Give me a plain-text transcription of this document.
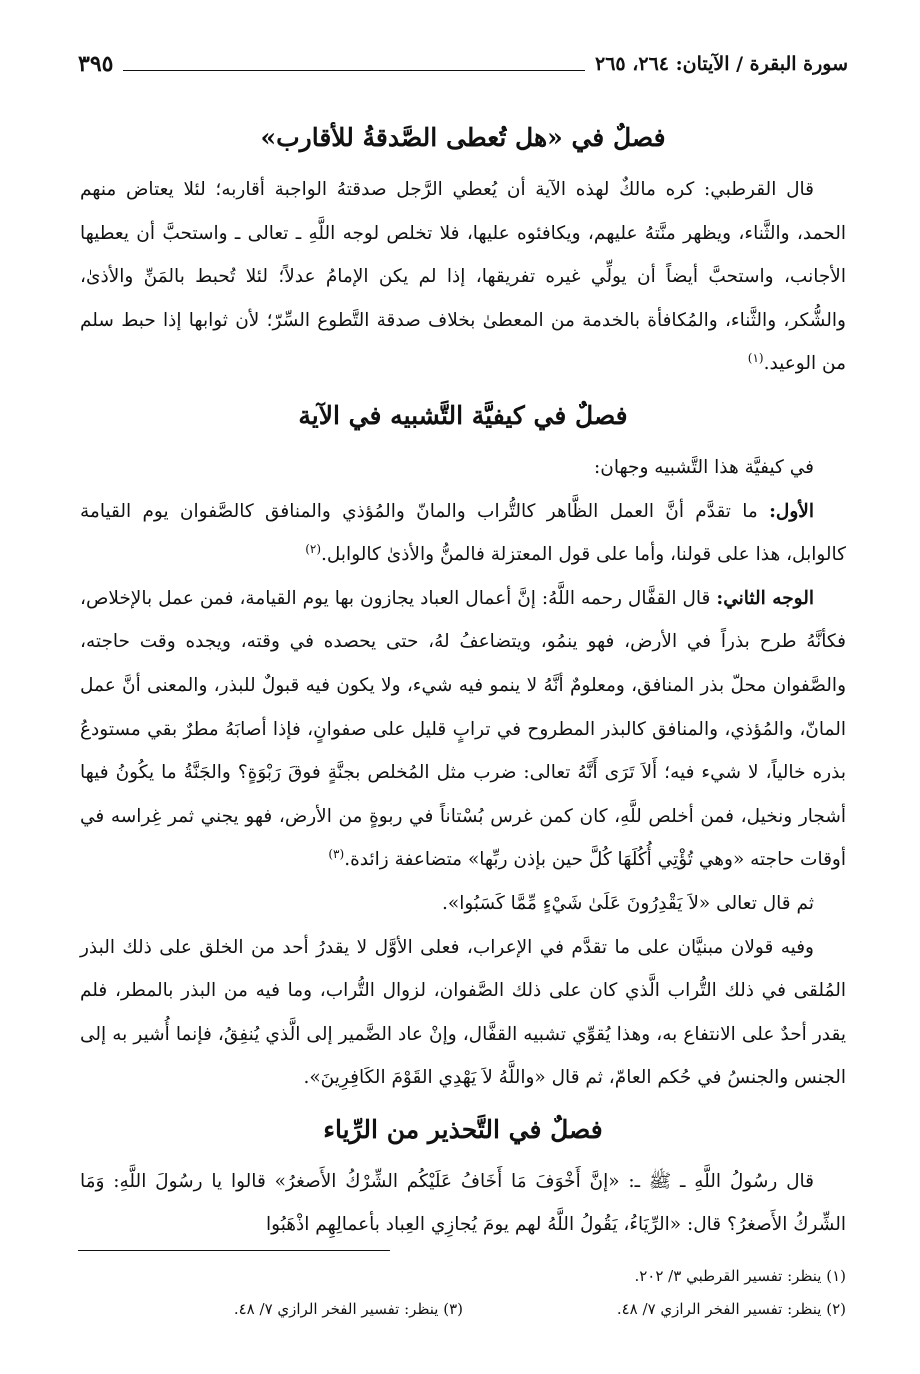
سورة البقرة / الآيتان: ٢٦٤، ٢٦٥
٣٩٥
فصلٌ في «هل تُعطى الصَّدقةُ للأقارب»

قال القرطبي: كره مالكٌ لهذه الآية أن يُعطي الرَّجل صدقتهُ الواجبة أقاربه؛ لئلا يعتاض منهم الحمد، والثَّناء، ويظهر منَّتهُ عليهم، ويكافئوه عليها، فلا تخلص لوجه اللَّهِ ـ تعالى ـ واستحبَّ أن يعطيها الأجانب، واستحبَّ أيضاً أن يولِّي غيره تفريقها، إذا لم يكن الإمامُ عدلاً؛ لئلا تُحبط بالمَنِّ والأذىٰ، والشُّكر، والثَّناء، والمُكافأة بالخدمة من المعطىٰ بخلاف صدقة التَّطوع السِّرّ؛ لأن ثوابها إذا حبط سلم من الوعيد.$^{(١)}$

فصلٌ في كيفيَّة التَّشبيه في الآية

في كيفيَّة هذا التَّشبيه وجهان:

الأول: ما تقدَّم أنَّ العمل الظَّاهر كالتُّراب والمانّ والمُؤذي والمنافق كالصَّفوان يوم القيامة كالوابل، هذا على قولنا، وأما على قول المعتزلة فالمنُّ والأذىٰ كالوابل.$^{(٢)}$

الوجه الثاني: قال القفَّال رحمه اللَّهُ: إنَّ أعمال العباد يجازون بها يوم القيامة، فمن عمل بالإخلاص، فكأنَّهُ طرح بذراً في الأرض، فهو ينمُو، ويتضاعفُ لهُ، حتى يحصده في وقته، ويجده وقت حاجته، والصَّفوان محلّ بذر المنافق، ومعلومٌ أنَّهُ لا ينمو فيه شيء، ولا يكون فيه قبولٌ للبذر، والمعنى أنَّ عمل المانّ، والمُؤذي، والمنافق كالبذر المطروح في ترابٍ قليل على صفوانٍ، فإذا أصابَهُ مطرٌ بقي مستودعُ بذره خالياً، لا شيء فيه؛ أَلاَ تَرَى أَنَّهُ تعالى: ضرب مثل المُخلص بجنَّةٍ فوقَ رَبْوَةٍ؟ والجَنَّةُ ما يكُونُ فيها أشجار ونخيل، فمن أخلص للَّهِ، كان كمن غرس بُسْتاناً في ربوةٍ من الأرض، فهو يجني ثمر غِراسه في أوقات حاجته «وهي تُؤْتِي أُكُلَهَا كُلَّ حين بإذن ربِّها» متضاعفة زائدة.$^{(٣)}$

ثم قال تعالى «لاَ يَقْدِرُونَ عَلَىٰ شَيْءٍ مِّمَّا كَسَبُوا».

وفيه قولان مبنيَّان على ما تقدَّم في الإعراب، فعلى الأوَّل لا يقدرُ أحد من الخلق على ذلك البذر المُلقى في ذلك التُّراب الَّذي كان على ذلك الصَّفوان، لزوال التُّراب، وما فيه من البذر بالمطر، فلم يقدر أحدٌ على الانتفاع به، وهذا يُقوِّي تشبيه القفَّال، وإنْ عاد الضَّمير إلى الَّذي يُنفِقُ، فإنما أُشير به إلى الجنس والجنسُ في حُكم العامّ، ثم قال «واللَّهُ لاَ يَهْدِي القَوْمَ الكَافِرِينَ».

فصلٌ في التَّحذير من الرِّياء

قال رسُولُ اللَّهِ ـ ﷺ ـ: «إنَّ أَخْوَفَ مَا أَخَافُ عَلَيْكُم الشِّرْكُ الأَصغرُ» قالوا يا رسُولَ اللَّهِ: وَمَا الشِّركُ الأَصغرُ؟ قال: «الرِّيَاءُ، يَقُولُ اللَّهُ لهم يومَ يُجازِي العِباد بأعمالِهِم اذْهَبُوا

(١) ينظر: تفسير القرطبي ٣/ ٢٠٢.
(٢) ينظر: تفسير الفخر الرازي ٧/ ٤٨.
(٣) ينظر: تفسير الفخر الرازي ٧/ ٤٨.
